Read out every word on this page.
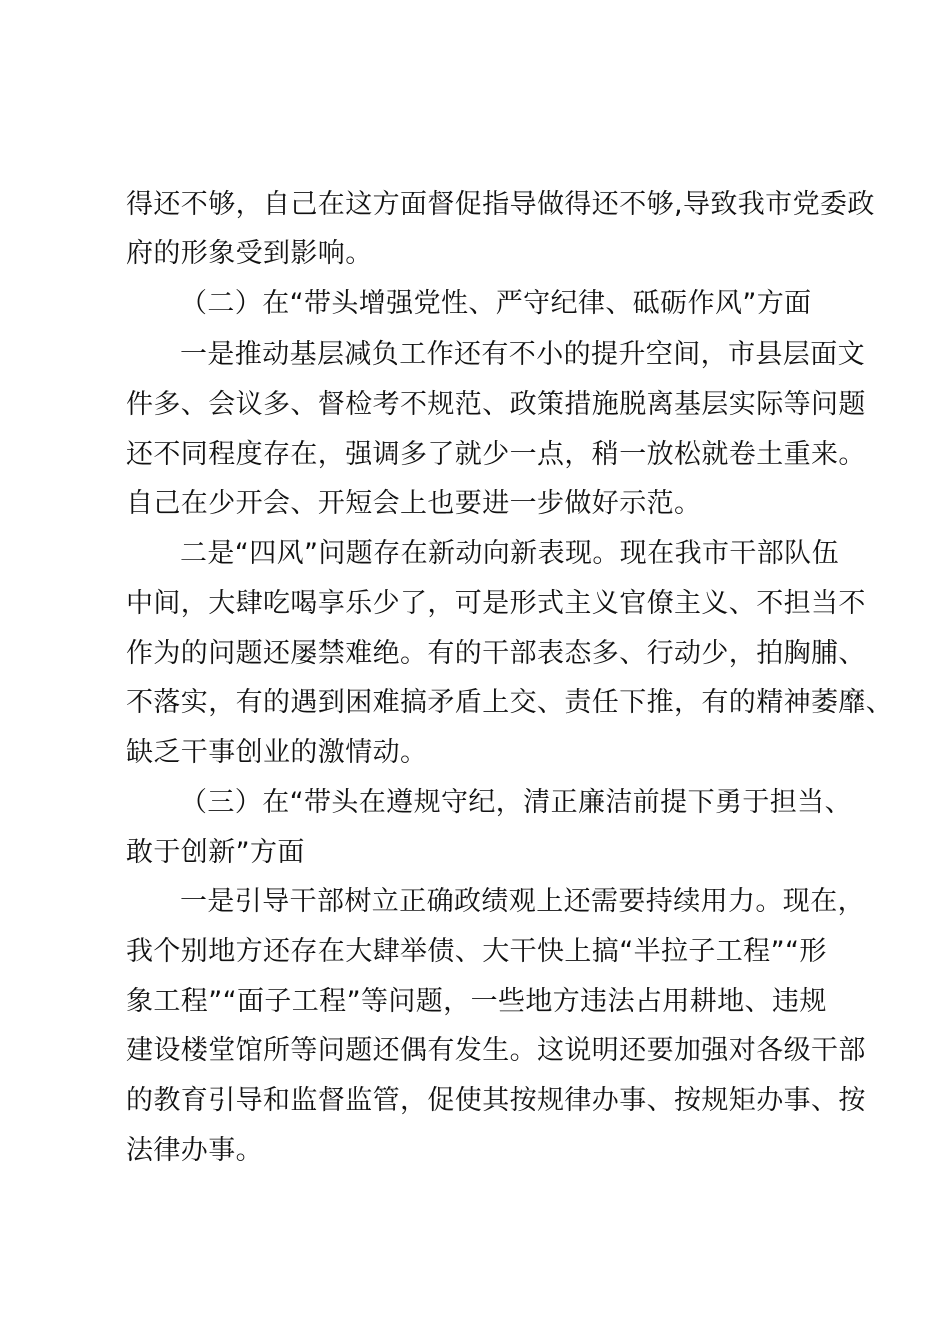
得还不够，自己在这方面督促指导做得还不够,导致我市党委政
府的形象受到影响。
（二）在“带头增强党性、严守纪律、砥砺作风”方面
一是推动基层减负工作还有不小的提升空间，市县层面文
件多、会议多、督检考不规范、政策措施脱离基层实际等问题
还不同程度存在，强调多了就少一点，稍一放松就卷土重来。
自己在少开会、开短会上也要进一步做好示范。
二是“四风”问题存在新动向新表现。现在我市干部队伍
中间，大肆吃喝享乐少了，可是形式主义官僚主义、不担当不
作为的问题还屡禁难绝。有的干部表态多、行动少，拍胸脯、
不落实，有的遇到困难搞矛盾上交、责任下推，有的精神萎靡、
缺乏干事创业的激情动。
（三）在“带头在遵规守纪，清正廉洁前提下勇于担当、
敢于创新”方面
一是引导干部树立正确政绩观上还需要持续用力。现在，
我个别地方还存在大肆举债、大干快上搞“半拉子工程”“形
象工程”“面子工程”等问题，一些地方违法占用耕地、违规
建设楼堂馆所等问题还偶有发生。这说明还要加强对各级干部
的教育引导和监督监管，促使其按规律办事、按规矩办事、按
法律办事。
